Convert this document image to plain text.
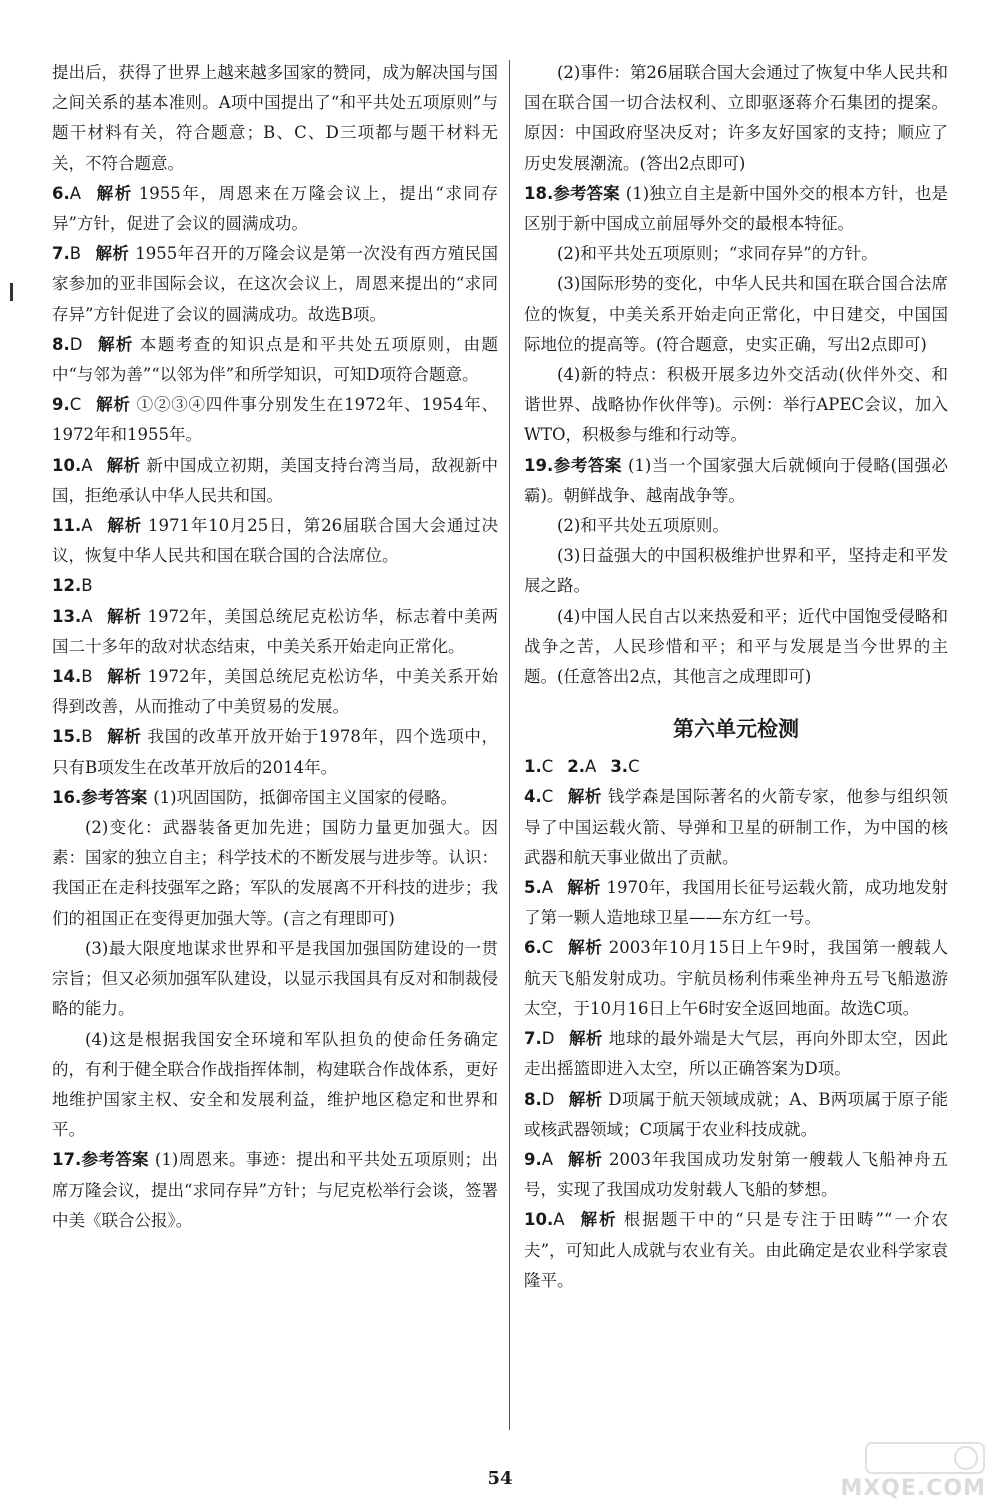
提出后，获得了世界上越来越多国家的赞同，成为解决国与国之间关系的基本准则。A项中国提出了“和平共处五项原则”与题干材料有关，符合题意；B、C、D三项都与题干材料无关，不符合题意。

6.A 解析 1955年，周恩来在万隆会议上，提出“求同存异”方针，促进了会议的圆满成功。

7.B 解析 1955年召开的万隆会议是第一次没有西方殖民国家参加的亚非国际会议，在这次会议上，周恩来提出的“求同存异”方针促进了会议的圆满成功。故选B项。

8.D 解析 本题考查的知识点是和平共处五项原则，由题中“与邻为善”“以邻为伴”和所学知识，可知D项符合题意。

9.C 解析 ①②③④四件事分别发生在1972年、1954年、1972年和1955年。

10.A 解析 新中国成立初期，美国支持台湾当局，敌视新中国，拒绝承认中华人民共和国。

11.A 解析 1971年10月25日，第26届联合国大会通过决议，恢复中华人民共和国在联合国的合法席位。

12.B

13.A 解析 1972年，美国总统尼克松访华，标志着中美两国二十多年的敌对状态结束，中美关系开始走向正常化。

14.B 解析 1972年，美国总统尼克松访华，中美关系开始得到改善，从而推动了中美贸易的发展。

15.B 解析 我国的改革开放开始于1978年，四个选项中，只有B项发生在改革开放后的2014年。

16.参考答案 (1)巩固国防，抵御帝国主义国家的侵略。

(2)变化：武器装备更加先进；国防力量更加强大。因素：国家的独立自主；科学技术的不断发展与进步等。认识：我国正在走科技强军之路；军队的发展离不开科技的进步；我们的祖国正在变得更加强大等。(言之有理即可)

(3)最大限度地谋求世界和平是我国加强国防建设的一贯宗旨；但又必须加强军队建设，以显示我国具有反对和制裁侵略的能力。

(4)这是根据我国安全环境和军队担负的使命任务确定的，有利于健全联合作战指挥体制，构建联合作战体系，更好地维护国家主权、安全和发展利益，维护地区稳定和世界和平。

17.参考答案 (1)周恩来。事迹：提出和平共处五项原则；出席万隆会议，提出“求同存异”方针；与尼克松举行会谈，签署中美《联合公报》。

(2)事件：第26届联合国大会通过了恢复中华人民共和国在联合国一切合法权利、立即驱逐蒋介石集团的提案。原因：中国政府坚决反对；许多友好国家的支持；顺应了历史发展潮流。(答出2点即可)

18.参考答案 (1)独立自主是新中国外交的根本方针，也是区别于新中国成立前屈辱外交的最根本特征。

(2)和平共处五项原则；“求同存异”的方针。

(3)国际形势的变化，中华人民共和国在联合国合法席位的恢复，中美关系开始走向正常化，中日建交，中国国际地位的提高等。(符合题意，史实正确，写出2点即可)

(4)新的特点：积极开展多边外交活动(伙伴外交、和谐世界、战略协作伙伴等)。示例：举行APEC会议，加入WTO，积极参与维和行动等。

19.参考答案 (1)当一个国家强大后就倾向于侵略(国强必霸)。朝鲜战争、越南战争等。

(2)和平共处五项原则。

(3)日益强大的中国积极维护世界和平，坚持走和平发展之路。

(4)中国人民自古以来热爱和平；近代中国饱受侵略和战争之苦，人民珍惜和平；和平与发展是当今世界的主题。(任意答出2点，其他言之成理即可)

第六单元检测

1.C 2.A 3.C

4.C 解析 钱学森是国际著名的火箭专家，他参与组织领导了中国运载火箭、导弹和卫星的研制工作，为中国的核武器和航天事业做出了贡献。

5.A 解析 1970年，我国用长征号运载火箭，成功地发射了第一颗人造地球卫星——东方红一号。

6.C 解析 2003年10月15日上午9时，我国第一艘载人航天飞船发射成功。宇航员杨利伟乘坐神舟五号飞船遨游太空，于10月16日上午6时安全返回地面。故选C项。

7.D 解析 地球的最外端是大气层，再向外即太空，因此走出摇篮即进入太空，所以正确答案为D项。

8.D 解析 D项属于航天领域成就；A、B两项属于原子能或核武器领域；C项属于农业科技成就。

9.A 解析 2003年我国成功发射第一艘载人飞船神舟五号，实现了我国成功发射载人飞船的梦想。

10.A 解析 根据题干中的“只是专注于田畴”“一介农夫”，可知此人成就与农业有关。由此确定是农业科学家袁隆平。

54	MXQE.COM
